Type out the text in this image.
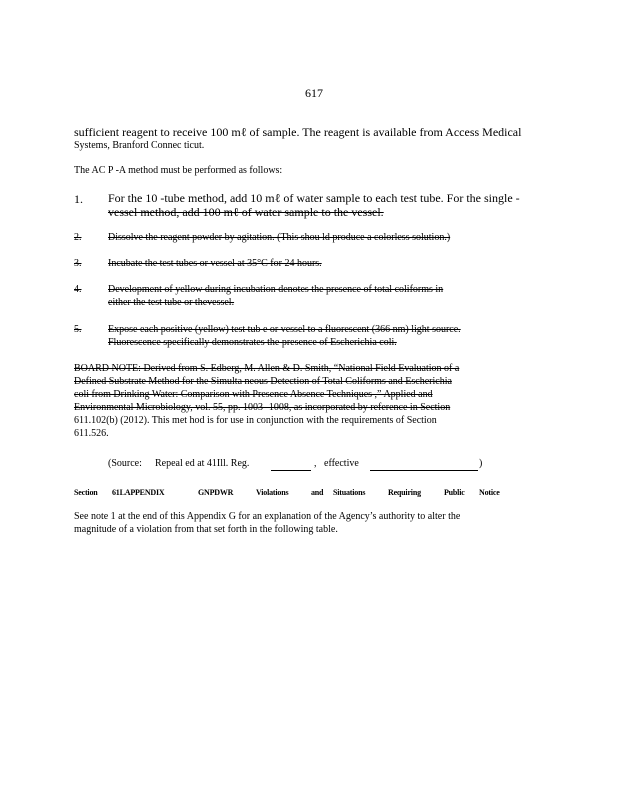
617

sufficient reagent to receive 100 mℓ of sample. The reagent is available from Access Medical

Systems, Branford Connec ticut.

The AC P -A method must be performed as follows:

1. For the 10 -tube method, add 10 mℓ of water sample to each test tube. For the single -

vessel method, add 100 mℓ of water sample to the vessel.

2.	Dissolve the reagent powder by agitation. (This shou ld produce a colorless solution.)

3.	Incubate the test tubes or vessel at 35°C for 24 hours.

4.	Development of yellow during incubation denotes the presence of total coliforms in

either the test tube or thevessel.

5.	Expose each positive (yellow) test tub e or vessel to a fluorescent (366 nm) light source.

Fluorescence specifically demonstrates the presence of Escherichia coli.

BOARD NOTE: Derived from S. Edberg, M. Allen & D. Smith, “National Field Evaluation of a

Defined Substrate Method for the Simulta neous Detection of Total Coliforms and Escherichia

coli from Drinking Water: Comparison with Presence Absence Techniques ,” Applied and

Environmental Microbiology, vol. 55, pp. 1003 -1008, as incorporated by reference in Section

611.102(b) (2012). This met hod is for use in conjunction with the requirements of Section

611.526.

(Source: Repeal ed at 41Ill. Reg.	, effective	)

Section 61LAPPENDIX	GNPDWR	Violations	and Situations	Requiring	Public Notice

See note 1 at the end of this Appendix G for an explanation of the Agency’s authority to alter the

magnitude of a violation from that set forth in the following table.
